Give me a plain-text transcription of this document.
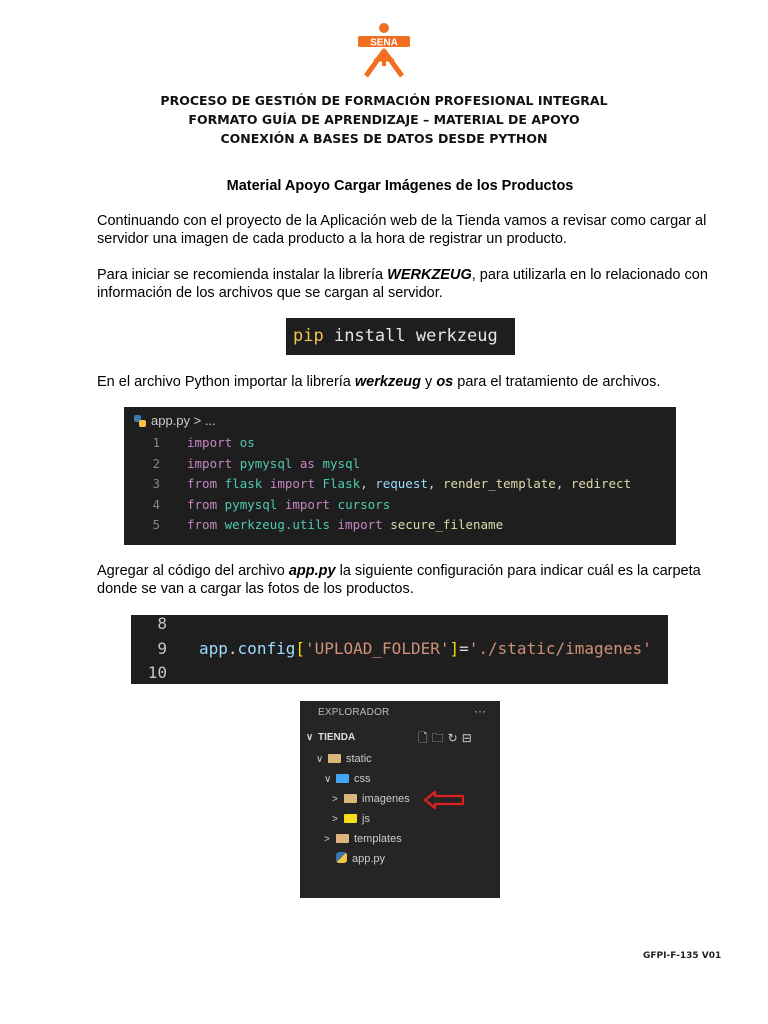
SENA
PROCESO DE GESTIÓN DE FORMACIÓN PROFESIONAL INTEGRAL
FORMATO GUÍA DE APRENDIZAJE – MATERIAL DE APOYO
CONEXIÓN A BASES DE DATOS DESDE PYTHON
Material Apoyo Cargar Imágenes de los Productos
Continuando con el proyecto de la Aplicación web de la Tienda vamos a revisar como cargar al servidor una imagen de cada producto a la hora de registrar un producto.
Para iniciar se recomienda instalar la librería WERKZEUG, para utilizarla en lo relacionado con información de los archivos que se cargan al servidor.
pip install werkzeug
En el archivo Python importar la librería werkzeug y os para el tratamiento de archivos.
app.py > ...
1 import os
2 import pymysql as mysql
3 from flask import Flask, request, render_template, redirect
4 from pymysql import cursors
5 from werkzeug.utils import secure_filename
Agregar al código del archivo app.py la siguiente configuración para indicar cuál es la carpeta donde se van a cargar las fotos de los productos.
8
9 app.config['UPLOAD_FOLDER']='./static/imagenes'
10
EXPLORADOR	···
∨ TIENDA	🗋🗀↻⊟
∨ static
∨ css
> imagenes
> js
> templates
app.py
GFPI-F-135 V01
